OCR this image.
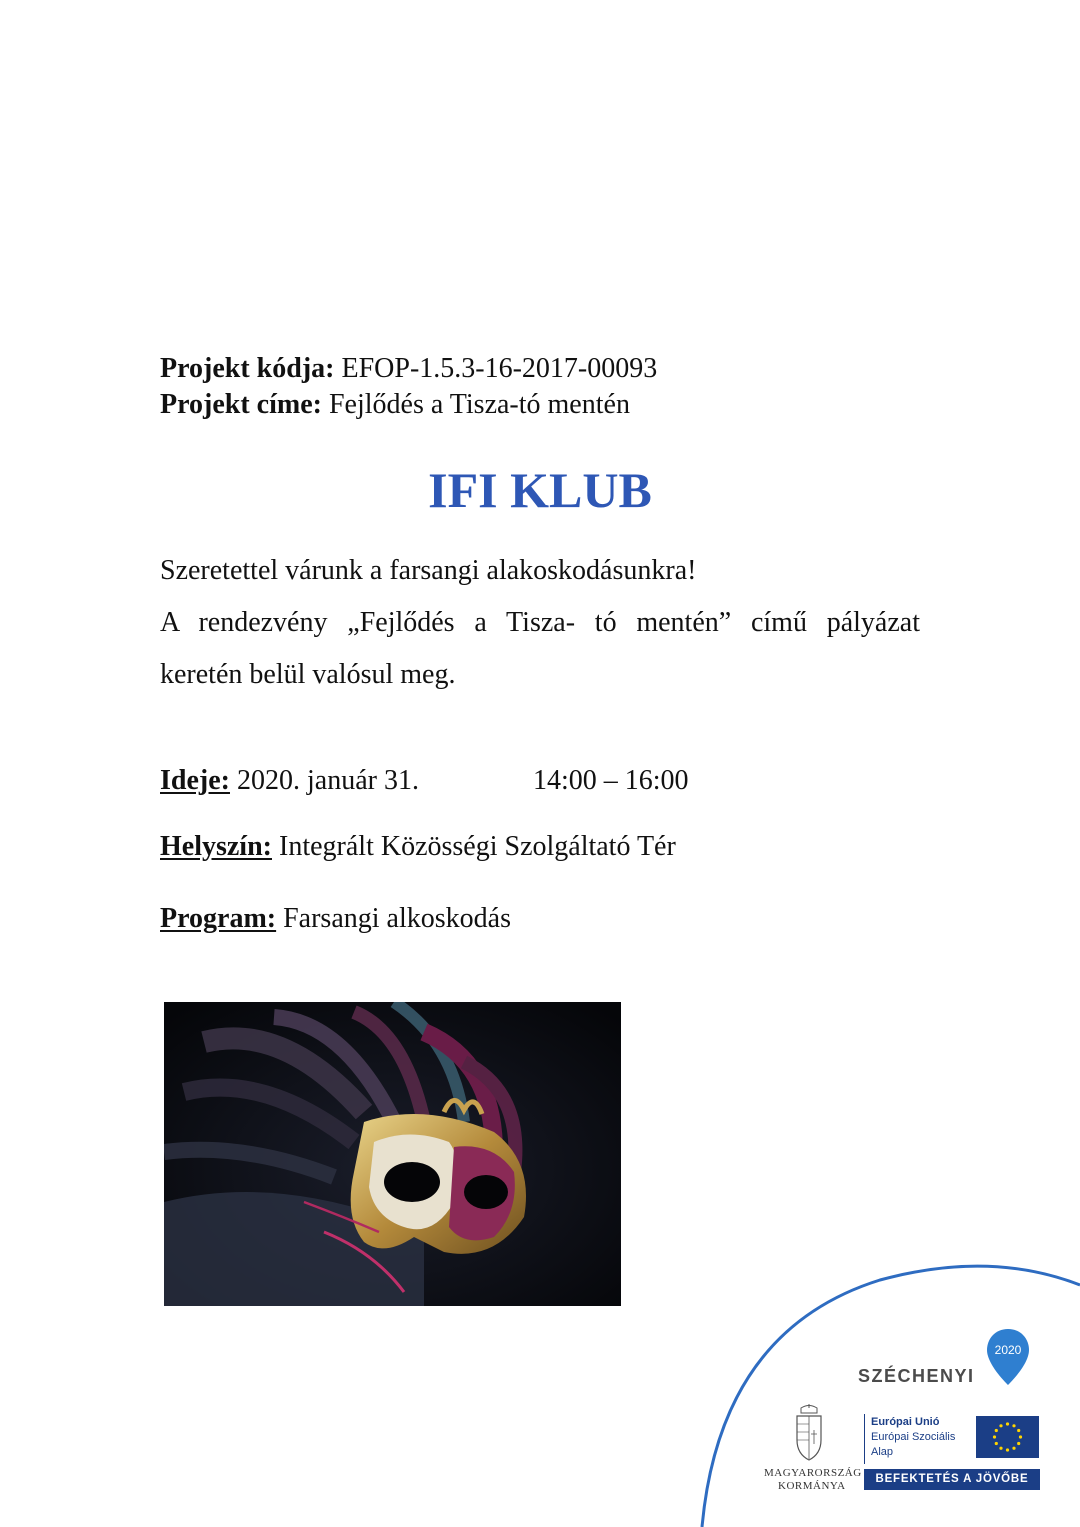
Projekt kódja: EFOP-1.5.3-16-2017-00093
Projekt címe: Fejlődés a Tisza-tó mentén
IFI KLUB
Szeretettel várunk a farsangi alakoskodásunkra!
A rendezvény „Fejlődés a Tisza- tó mentén” című pályázat
keretén belül valósul meg.
Ideje: 2020. január 31.	14:00 – 16:00
Helyszín: Integrált Közösségi Szolgáltató Tér
Program: Farsangi alkoskodás
SZÉCHENYI
2020
MAGYARORSZÁG
KORMÁNYA
Európai Unió
Európai Szociális
Alap
BEFEKTETÉS A JÖVŐBE
